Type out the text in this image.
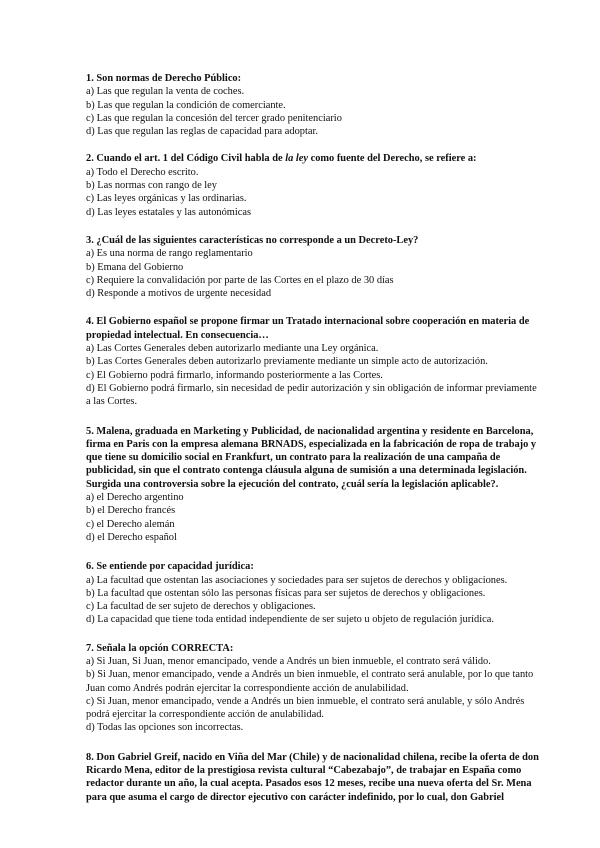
1. Son normas de Derecho Público:
a) Las que regulan la venta de coches.
b) Las que regulan la condición de comerciante.
c) Las que regulan la concesión del tercer grado penitenciario
d) Las que regulan las reglas de capacidad para adoptar.
2. Cuando el art. 1 del Código Civil habla de la ley como fuente del Derecho, se refiere a:
a) Todo el Derecho escrito.
b) Las normas con rango de ley
c) Las leyes orgánicas y las ordinarias.
d) Las leyes estatales y las autonómicas
3. ¿Cuál de las siguientes características no corresponde a un Decreto-Ley?
a) Es una norma de rango reglamentario
b) Emana del Gobierno
c) Requiere la convalidación por parte de las Cortes en el plazo de 30 días
d) Responde a motivos de urgente necesidad
4. El Gobierno español se propone firmar un Tratado internacional sobre cooperación en materia de propiedad intelectual. En consecuencia…
a) Las Cortes Generales deben autorizarlo mediante una Ley orgánica.
b) Las Cortes Generales deben autorizarlo previamente mediante un simple acto de autorización.
c) El Gobierno podrá firmarlo, informando posteriormente a las Cortes.
d) El Gobierno podrá firmarlo, sin necesidad de pedir autorización y sin obligación de informar previamente a las Cortes.
5. Malena, graduada en Marketing y Publicidad, de nacionalidad argentina y residente en Barcelona, firma en Paris con la empresa alemana BRNADS, especializada en la fabricación de ropa de trabajo y que tiene su domicilio social en Frankfurt, un contrato para la realización de una campaña de publicidad, sin que el contrato contenga cláusula alguna de sumisión a una determinada legislación. Surgida una controversia sobre la ejecución del contrato, ¿cuál sería la legislación aplicable?.
a) el Derecho argentino
b) el Derecho francés
c) el Derecho alemán
d) el Derecho español
6. Se entiende por capacidad jurídica:
a) La facultad que ostentan las asociaciones y sociedades para ser sujetos de derechos y obligaciones.
b) La facultad que ostentan sólo las personas físicas para ser sujetos de derechos y obligaciones.
c) La facultad de ser sujeto de derechos y obligaciones.
d) La capacidad que tiene toda entidad independiente de ser sujeto u objeto de regulación jurídica.
7. Señala la opción CORRECTA:
a) Si Juan, Si Juan, menor emancipado, vende a Andrés un bien inmueble, el contrato será válido.
b) Si Juan, menor emancipado, vende a Andrés un bien inmueble, el contrato será anulable, por lo que tanto Juan como Andrés podrán ejercitar la correspondiente acción de anulabilidad.
c) Si Juan, menor emancipado, vende a Andrés un bien inmueble, el contrato será anulable, y sólo Andrés podrá ejercitar la correspondiente acción de anulabilidad.
d) Todas las opciones son incorrectas.
8. Don Gabriel Greif, nacido en Viña del Mar (Chile) y de nacionalidad chilena, recibe la oferta de don Ricardo Mena, editor de la prestigiosa revista cultural “Cabezabajo”, de trabajar en España como redactor durante un año, la cual acepta. Pasados esos 12 meses, recibe una nueva oferta del Sr. Mena para que asuma el cargo de director ejecutivo con carácter indefinido, por lo cual, don Gabriel
